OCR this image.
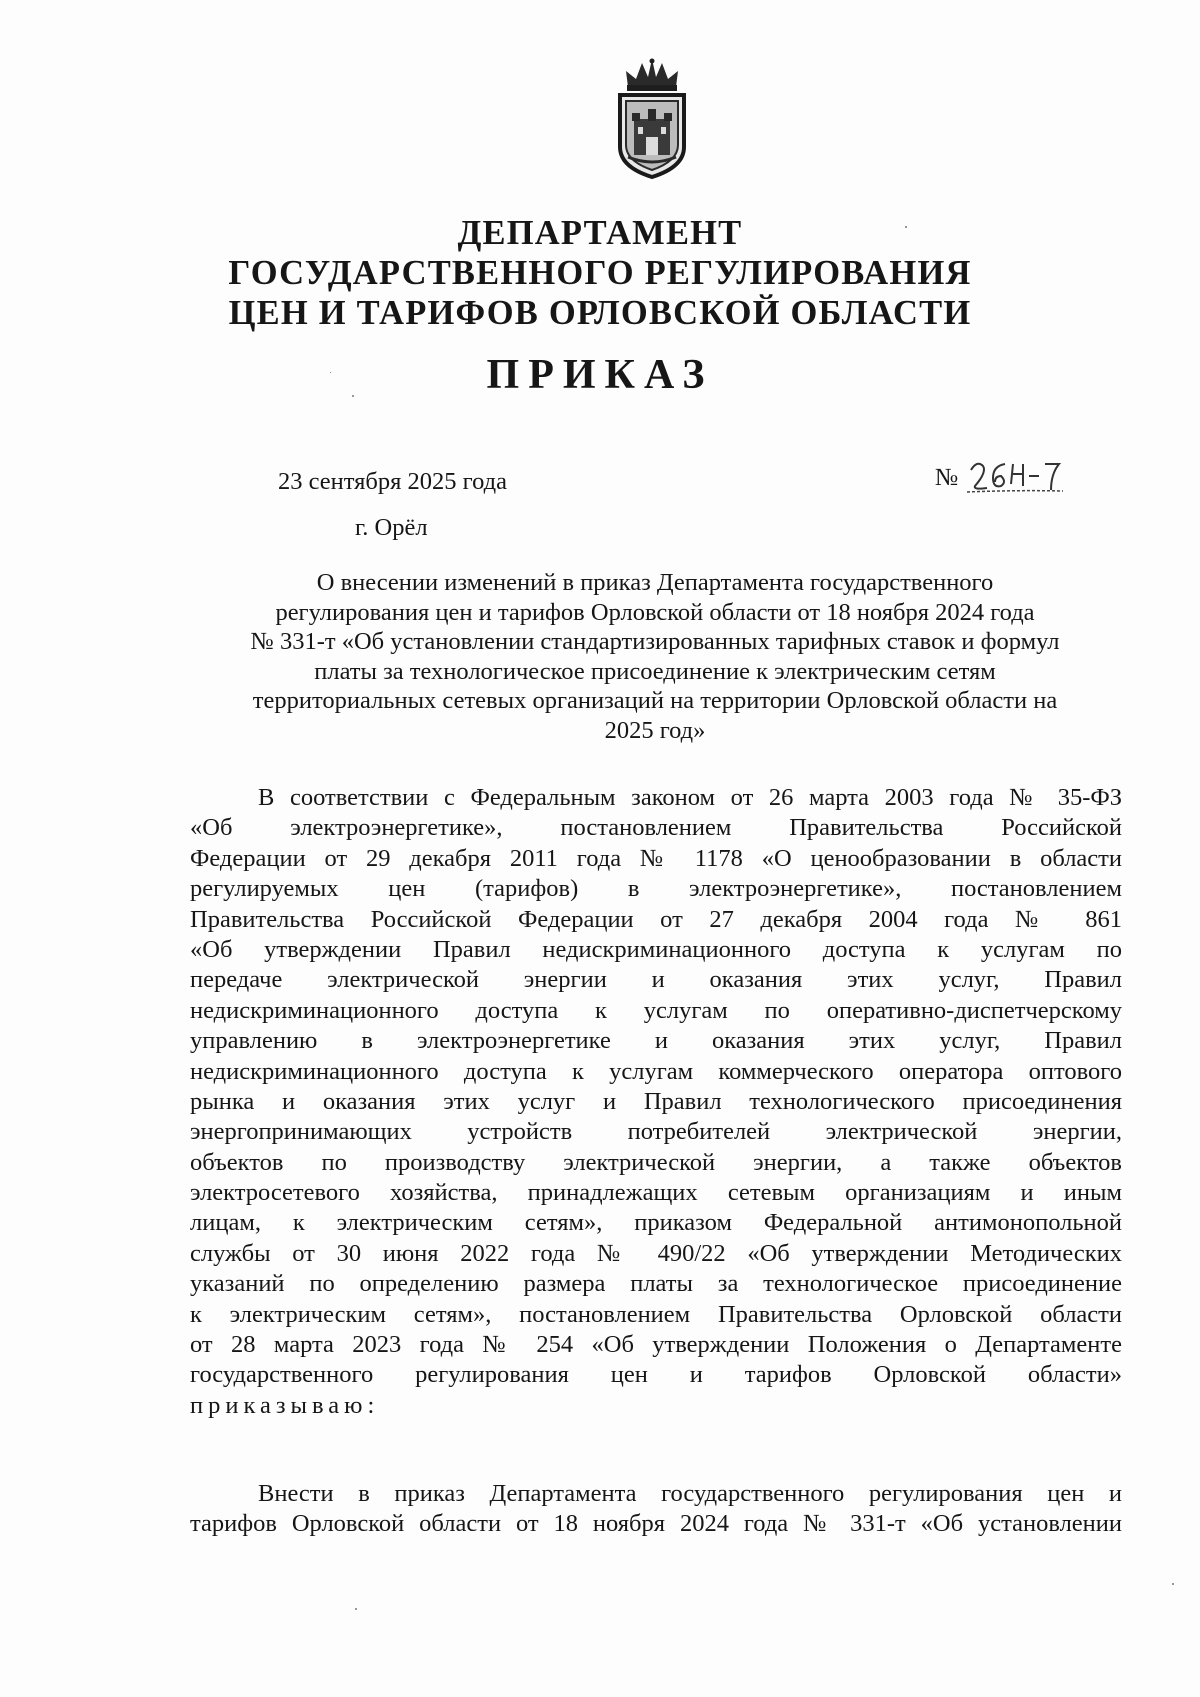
ДЕПАРТАМЕНТ
ГОСУДАРСТВЕННОГО РЕГУЛИРОВАНИЯ
ЦЕН И ТАРИФОВ ОРЛОВСКОЙ ОБЛАСТИ
ПРИКАЗ
23 сентября 2025 года
г. Орёл
№
О внесении изменений в приказ Департамента государственного
регулирования цен и тарифов Орловской области от 18 ноября 2024 года
№ 331-т «Об установлении стандартизированных тарифных ставок и формул
платы за технологическое присоединение к электрическим сетям
территориальных сетевых организаций на территории Орловской области на
2025 год»
В соответствии с Федеральным законом от 26 марта 2003 года № 35-ФЗ
«Об электроэнергетике», постановлением Правительства Российской
Федерации от 29 декабря 2011 года № 1178 «О ценообразовании в области
регулируемых цен (тарифов) в электроэнергетике», постановлением
Правительства Российской Федерации от 27 декабря 2004 года № 861
«Об утверждении Правил недискриминационного доступа к услугам по
передаче электрической энергии и оказания этих услуг, Правил
недискриминационного доступа к услугам по оперативно-диспетчерскому
управлению в электроэнергетике и оказания этих услуг, Правил
недискриминационного доступа к услугам коммерческого оператора оптового
рынка и оказания этих услуг и Правил технологического присоединения
энергопринимающих устройств потребителей электрической энергии,
объектов по производству электрической энергии, а также объектов
электросетевого хозяйства, принадлежащих сетевым организациям и иным
лицам, к электрическим сетям», приказом Федеральной антимонопольной
службы от 30 июня 2022 года № 490/22 «Об утверждении Методических
указаний по определению размера платы за технологическое присоединение
к электрическим сетям», постановлением Правительства Орловской области
от 28 марта 2023 года № 254 «Об утверждении Положения о Департаменте
государственного регулирования цен и тарифов Орловской области»
приказываю:
Внести в приказ Департамента государственного регулирования цен и
тарифов Орловской области от 18 ноября 2024 года № 331-т «Об установлении
